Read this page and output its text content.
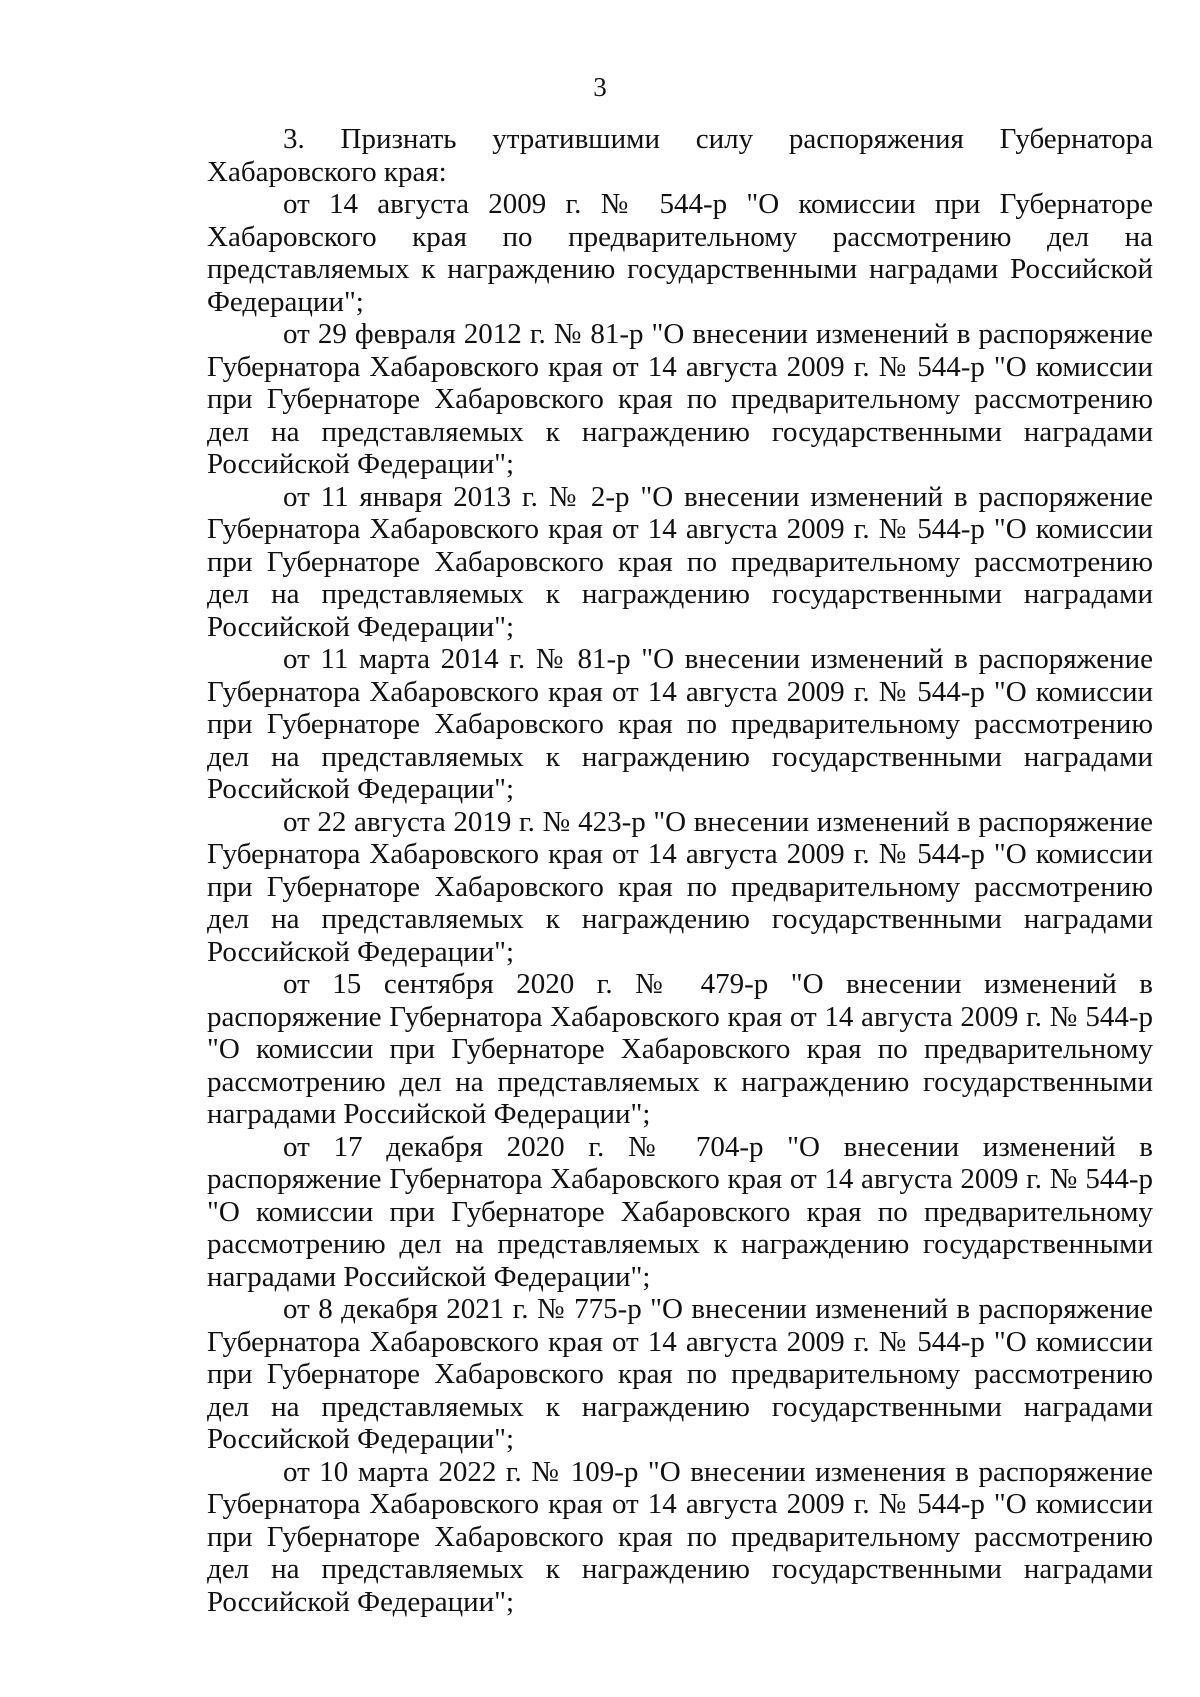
3

3. Признать утратившими силу распоряжения Губернатора Хабаровского края:

от 14 августа 2009 г. № 544-р "О комиссии при Губернаторе Хабаровского края по предварительному рассмотрению дел на представляемых к награждению государственными наградами Российской Федерации";

от 29 февраля 2012 г. № 81-р "О внесении изменений в распоряжение Губернатора Хабаровского края от 14 августа 2009 г. № 544-р "О комиссии при Губернаторе Хабаровского края по предварительному рассмотрению дел на представляемых к награждению государственными наградами Российской Федерации";

от 11 января 2013 г. № 2-р "О внесении изменений в распоряжение Губернатора Хабаровского края от 14 августа 2009 г. № 544-р "О комиссии при Губернаторе Хабаровского края по предварительному рассмотрению дел на представляемых к награждению государственными наградами Российской Федерации";

от 11 марта 2014 г. № 81-р "О внесении изменений в распоряжение Губернатора Хабаровского края от 14 августа 2009 г. № 544-р "О комиссии при Губернаторе Хабаровского края по предварительному рассмотрению дел на представляемых к награждению государственными наградами Российской Федерации";

от 22 августа 2019 г. № 423-р "О внесении изменений в распоряжение Губернатора Хабаровского края от 14 августа 2009 г. № 544-р "О комиссии при Губернаторе Хабаровского края по предварительному рассмотрению дел на представляемых к награждению государственными наградами Российской Федерации";

от 15 сентября 2020 г. № 479-р "О внесении изменений в распоряжение Губернатора Хабаровского края от 14 августа 2009 г. № 544-р "О комиссии при Губернаторе Хабаровского края по предварительному рассмотрению дел на представляемых к награждению государственными наградами Российской Федерации";

от 17 декабря 2020 г. № 704-р "О внесении изменений в распоряжение Губернатора Хабаровского края от 14 августа 2009 г. № 544-р "О комиссии при Губернаторе Хабаровского края по предварительному рассмотрению дел на представляемых к награждению государственными наградами Российской Федерации";

от 8 декабря 2021 г. № 775-р "О внесении изменений в распоряжение Губернатора Хабаровского края от 14 августа 2009 г. № 544-р "О комиссии при Губернаторе Хабаровского края по предварительному рассмотрению дел на представляемых к награждению государственными наградами Российской Федерации";

от 10 марта 2022 г. № 109-р "О внесении изменения в распоряжение Губернатора Хабаровского края от 14 августа 2009 г. № 544-р "О комиссии при Губернаторе Хабаровского края по предварительному рассмотрению дел на представляемых к награждению государственными наградами Российской Федерации";
